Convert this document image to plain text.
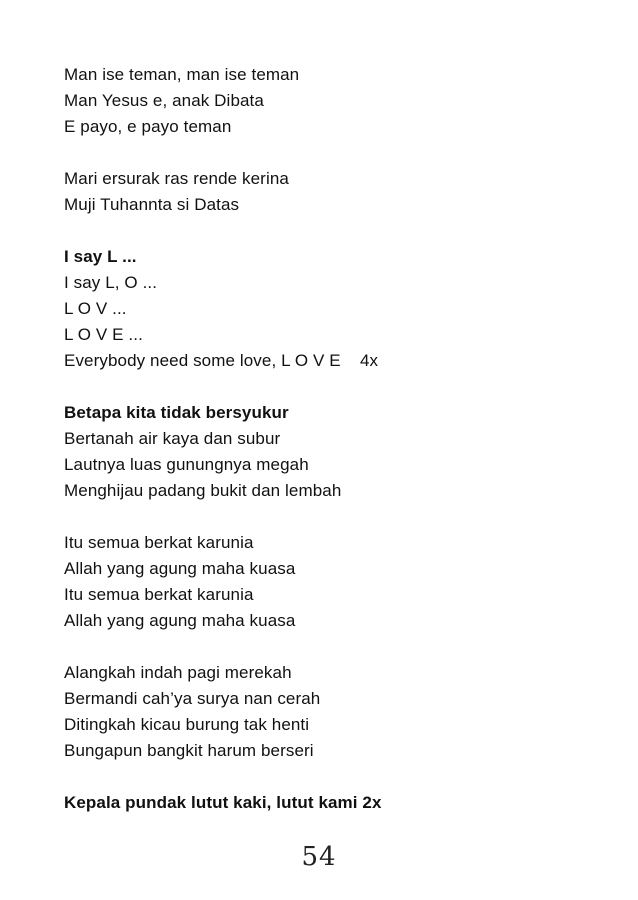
Man ise teman, man ise teman
Man Yesus e, anak Dibata
E payo, e payo teman
Mari ersurak ras rende kerina
Muji Tuhannta si Datas
I say L ...
I say L, O ...
L O V ...
L O V E ...
Everybody need some love, L O V E    4x
Betapa kita tidak bersyukur
Bertanah air kaya dan subur
Lautnya luas gunungnya megah
Menghijau padang bukit dan lembah
Itu semua berkat karunia
Allah yang agung maha kuasa
Itu semua berkat karunia
Allah yang agung maha kuasa
Alangkah indah pagi merekah
Bermandi cah’ya surya nan cerah
Ditingkah kicau burung tak henti
Bungapun bangkit harum berseri
Kepala pundak lutut kaki, lutut kami 2x
54
